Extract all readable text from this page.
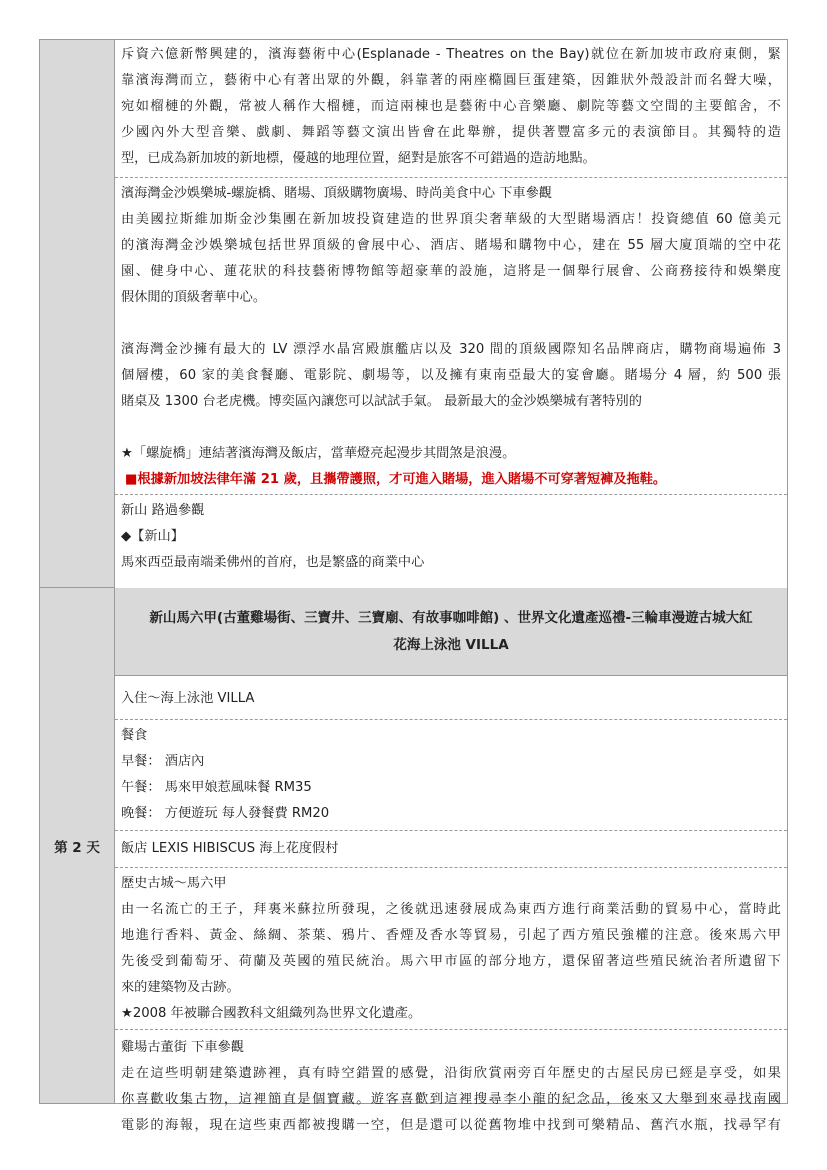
第 2 天
斥資六億新幣興建的，濱海藝術中心(Esplanade - Theatres on the Bay)就位在新加坡市政府東側，緊
靠濱海灣而立，藝術中心有著出眾的外觀，斜靠著的兩座橢圓巨蛋建築，因錐狀外殼設計而名聲大噪，
宛如榴槤的外觀，常被人稱作大榴槤，而這兩棟也是藝術中心音樂廳、劇院等藝文空間的主要館舍，不
少國內外大型音樂、戲劇、舞蹈等藝文演出皆會在此舉辦，提供著豐富多元的表演節目。其獨特的造
型，已成為新加坡的新地標，優越的地理位置，絕對是旅客不可錯過的造訪地點。
濱海灣金沙娛樂城-螺旋橋、賭場、頂級購物廣場、時尚美食中心 下車參觀
由美國拉斯維加斯金沙集團在新加坡投資建造的世界頂尖奢華級的大型賭場酒店！投資總值 60 億美元
的濱海灣金沙娛樂城包括世界頂級的會展中心、酒店、賭場和購物中心，建在 55 層大廈頂端的空中花
園、健身中心、蓮花狀的科技藝術博物館等超豪華的設施，這將是一個舉行展會、公商務接待和娛樂度
假休閒的頂級奢華中心。
濱海灣金沙擁有最大的 LV 漂浮水晶宮殿旗艦店以及 320 間的頂級國際知名品牌商店，購物商場遍佈 3
個層樓，60 家的美食餐廳、電影院、劇場等，以及擁有東南亞最大的宴會廳。賭場分 4 層，約 500 張
賭桌及 1300 台老虎機。博奕區內讓您可以試試手氣。 最新最大的金沙娛樂城有著特別的
★「螺旋橋」連結著濱海灣及飯店，當華燈亮起漫步其間煞是浪漫。
■根據新加坡法律年滿 21 歲，且攜帶護照，才可進入賭場，進入賭場不可穿著短褲及拖鞋。
新山 路過參觀
◆【新山】
馬來西亞最南端柔佛州的首府，也是繁盛的商業中心
新山馬六甲(古董雞場街、三寶井、三寶廟、有故事咖啡館) 、世界文化遺產巡禮-三輪車漫遊古城大紅
花海上泳池 VILLA
入住～海上泳池 VILLA
餐食
早餐： 酒店內
午餐： 馬來甲娘惹風味餐 RM35
晚餐： 方便遊玩 每人發餐費 RM20
飯店 LEXIS HIBISCUS 海上花度假村
歷史古城～馬六甲
由一名流亡的王子，拜裏米蘇拉所發現，之後就迅速發展成為東西方進行商業活動的貿易中心，當時此
地進行香料、黃金、絲綢、茶葉、鴉片、香煙及香水等貿易，引起了西方殖民強權的注意。後來馬六甲
先後受到葡萄牙、荷蘭及英國的殖民統治。馬六甲市區的部分地方，還保留著這些殖民統治者所遺留下
來的建築物及古跡。
★2008 年被聯合國教科文組織列為世界文化遺產。
雞場古董街 下車參觀
走在這些明朝建築遺跡裡，真有時空錯置的感覺，沿街欣賞兩旁百年歷史的古屋民房已經是享受，如果
你喜歡收集古物，這裡簡直是個寶藏。遊客喜歡到這裡搜尋李小龍的紀念品，後來又大舉到來尋找南國
電影的海報，現在這些東西都被搜購一空，但是還可以從舊物堆中找到可樂精品、舊汽水瓶，找尋罕有
